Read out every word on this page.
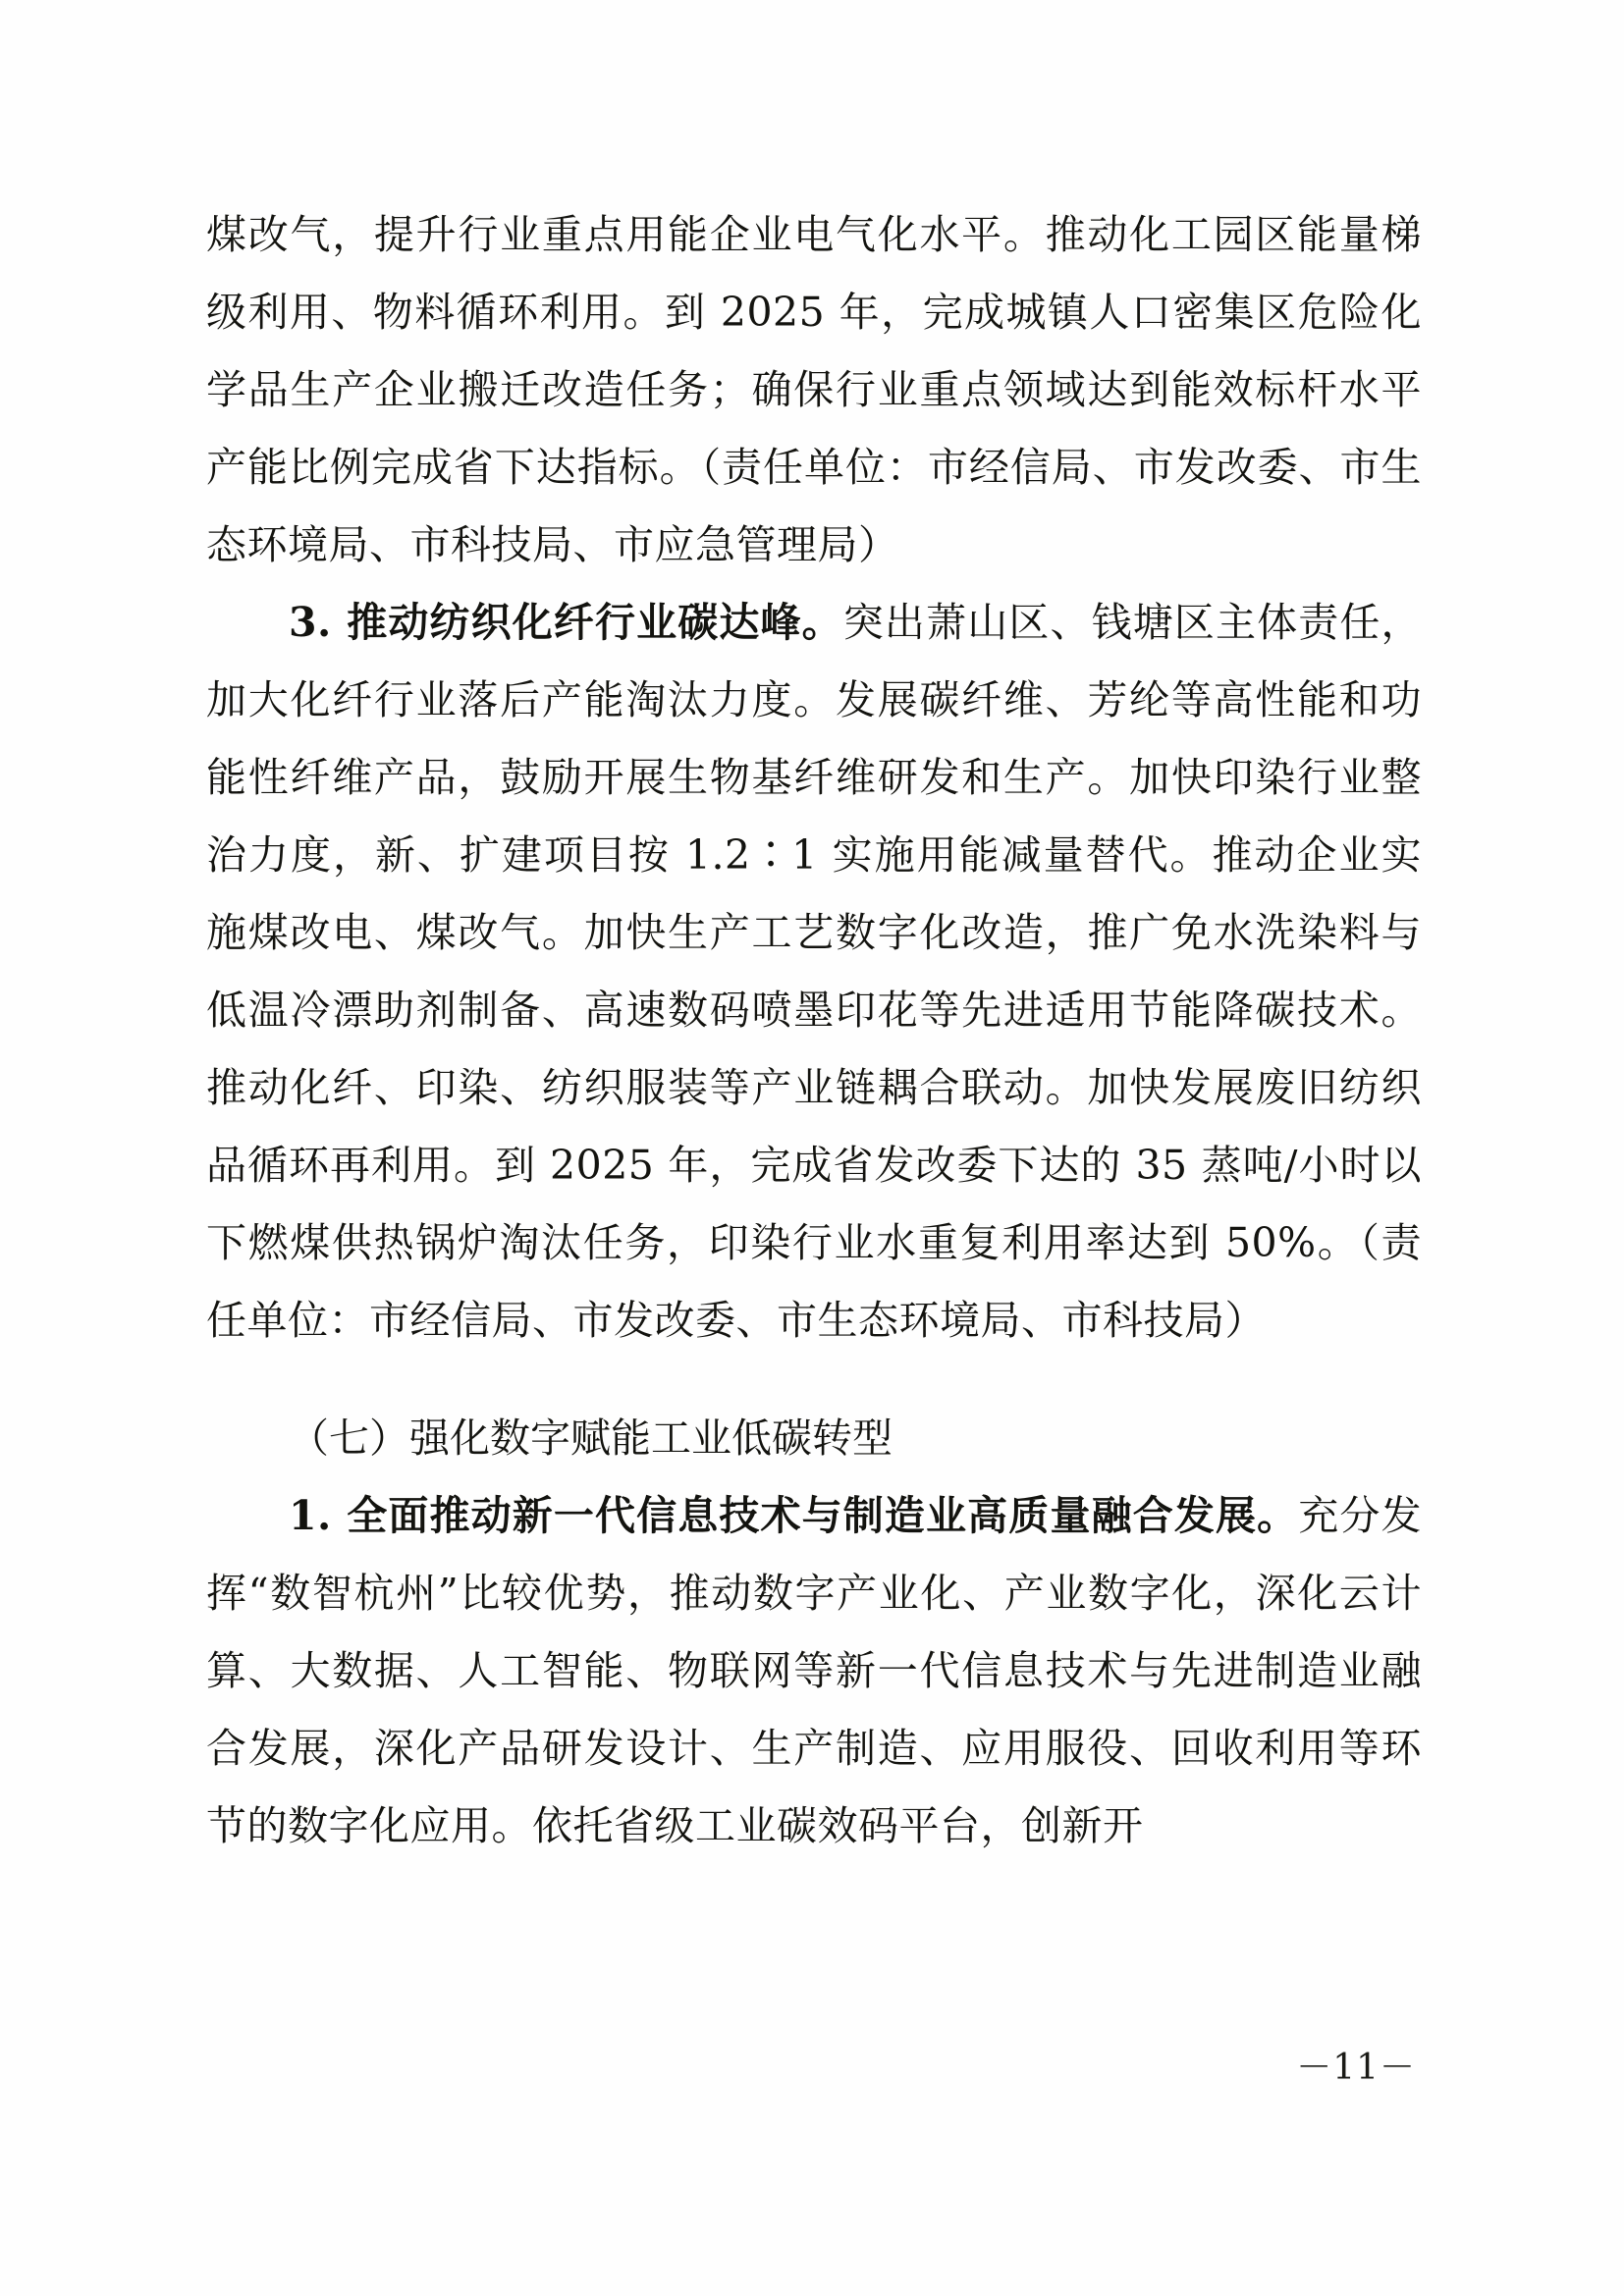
煤改气，提升行业重点用能企业电气化水平。推动化工园区能量梯级利用、物料循环利用。到 2025 年，完成城镇人口密集区危险化学品生产企业搬迁改造任务；确保行业重点领域达到能效标杆水平产能比例完成省下达指标。（责任单位：市经信局、市发改委、市生态环境局、市科技局、市应急管理局）

3. 推动纺织化纤行业碳达峰。突出萧山区、钱塘区主体责任，加大化纤行业落后产能淘汰力度。发展碳纤维、芳纶等高性能和功能性纤维产品，鼓励开展生物基纤维研发和生产。加快印染行业整治力度，新、扩建项目按 1.2∶1 实施用能减量替代。推动企业实施煤改电、煤改气。加快生产工艺数字化改造，推广免水洗染料与低温冷漂助剂制备、高速数码喷墨印花等先进适用节能降碳技术。推动化纤、印染、纺织服装等产业链耦合联动。加快发展废旧纺织品循环再利用。到 2025 年，完成省发改委下达的 35 蒸吨/小时以下燃煤供热锅炉淘汰任务，印染行业水重复利用率达到 50%。（责任单位：市经信局、市发改委、市生态环境局、市科技局）

（七）强化数字赋能工业低碳转型

1. 全面推动新一代信息技术与制造业高质量融合发展。充分发挥“数智杭州”比较优势，推动数字产业化、产业数字化，深化云计算、大数据、人工智能、物联网等新一代信息技术与先进制造业融合发展，深化产品研发设计、生产制造、应用服役、回收利用等环节的数字化应用。依托省级工业碳效码平台，创新开

－11－
